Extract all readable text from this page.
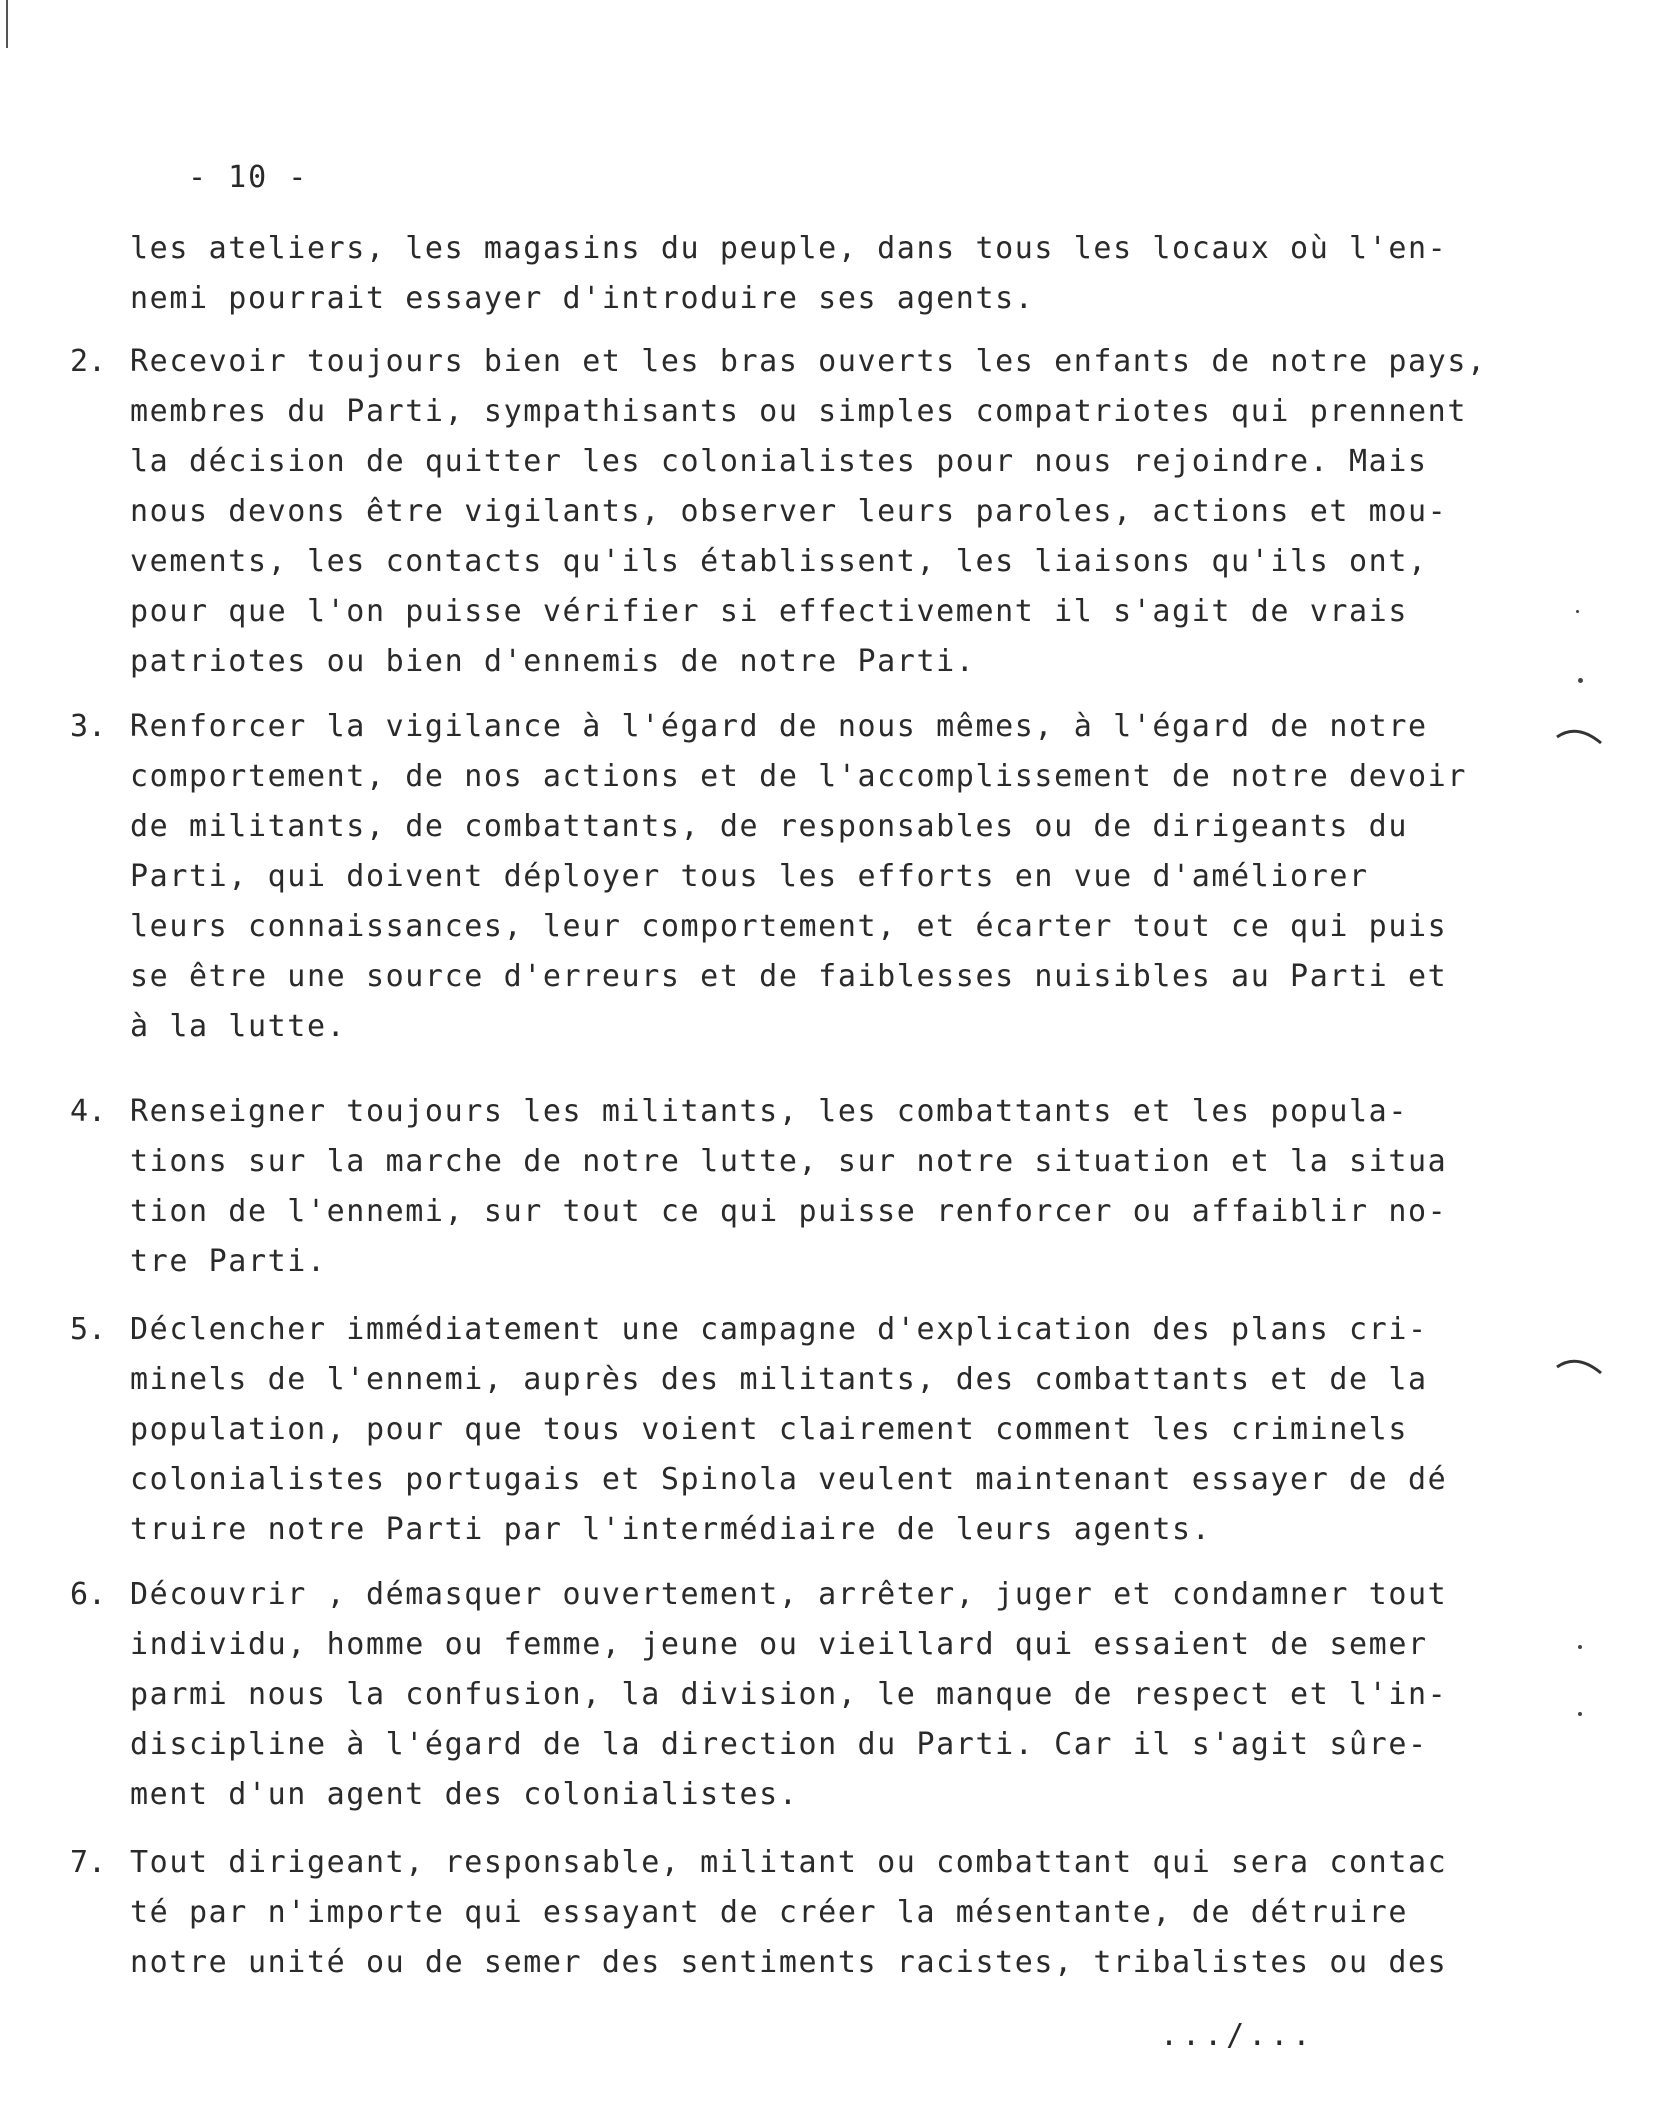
- 10 -
les ateliers, les magasins du peuple, dans tous les locaux où l'en-
nemi pourrait essayer d'introduire ses agents.
2. Recevoir toujours bien et les bras ouverts les enfants de notre pays,
membres du Parti, sympathisants ou simples compatriotes qui prennent
la décision de quitter les colonialistes pour nous rejoindre. Mais
nous devons être vigilants, observer leurs paroles, actions et mou-
vements, les contacts qu'ils établissent, les liaisons qu'ils ont,
pour que l'on puisse vérifier si effectivement il s'agit de vrais
patriotes ou bien d'ennemis de notre Parti.
3. Renforcer la vigilance à l'égard de nous mêmes, à l'égard de notre
comportement, de nos actions et de l'accomplissement de notre devoir
de militants, de combattants, de responsables ou de dirigeants du
Parti, qui doivent déployer tous les efforts en vue d'améliorer
leurs connaissances, leur comportement, et écarter tout ce qui puis
se être une source d'erreurs et de faiblesses nuisibles au Parti et
à la lutte.
4. Renseigner toujours les militants, les combattants et les popula-
tions sur la marche de notre lutte, sur notre situation et la situa
tion de l'ennemi, sur tout ce qui puisse renforcer ou affaiblir no-
tre Parti.
5. Déclencher immédiatement une campagne d'explication des plans cri-
minels de l'ennemi, auprès des militants, des combattants et de la
population, pour que tous voient clairement comment les criminels
colonialistes portugais et Spinola veulent maintenant essayer de dé
truire notre Parti par l'intermédiaire de leurs agents.
6. Découvrir , démasquer ouvertement, arrêter, juger et condamner tout
individu, homme ou femme, jeune ou vieillard qui essaient de semer
parmi nous la confusion, la division, le manque de respect et l'in-
discipline à l'égard de la direction du Parti. Car il s'agit sûre-
ment d'un agent des colonialistes.
7. Tout dirigeant, responsable, militant ou combattant qui sera contac
té par n'importe qui essayant de créer la mésentante, de détruire
notre unité ou de semer des sentiments racistes, tribalistes ou des
.../...
